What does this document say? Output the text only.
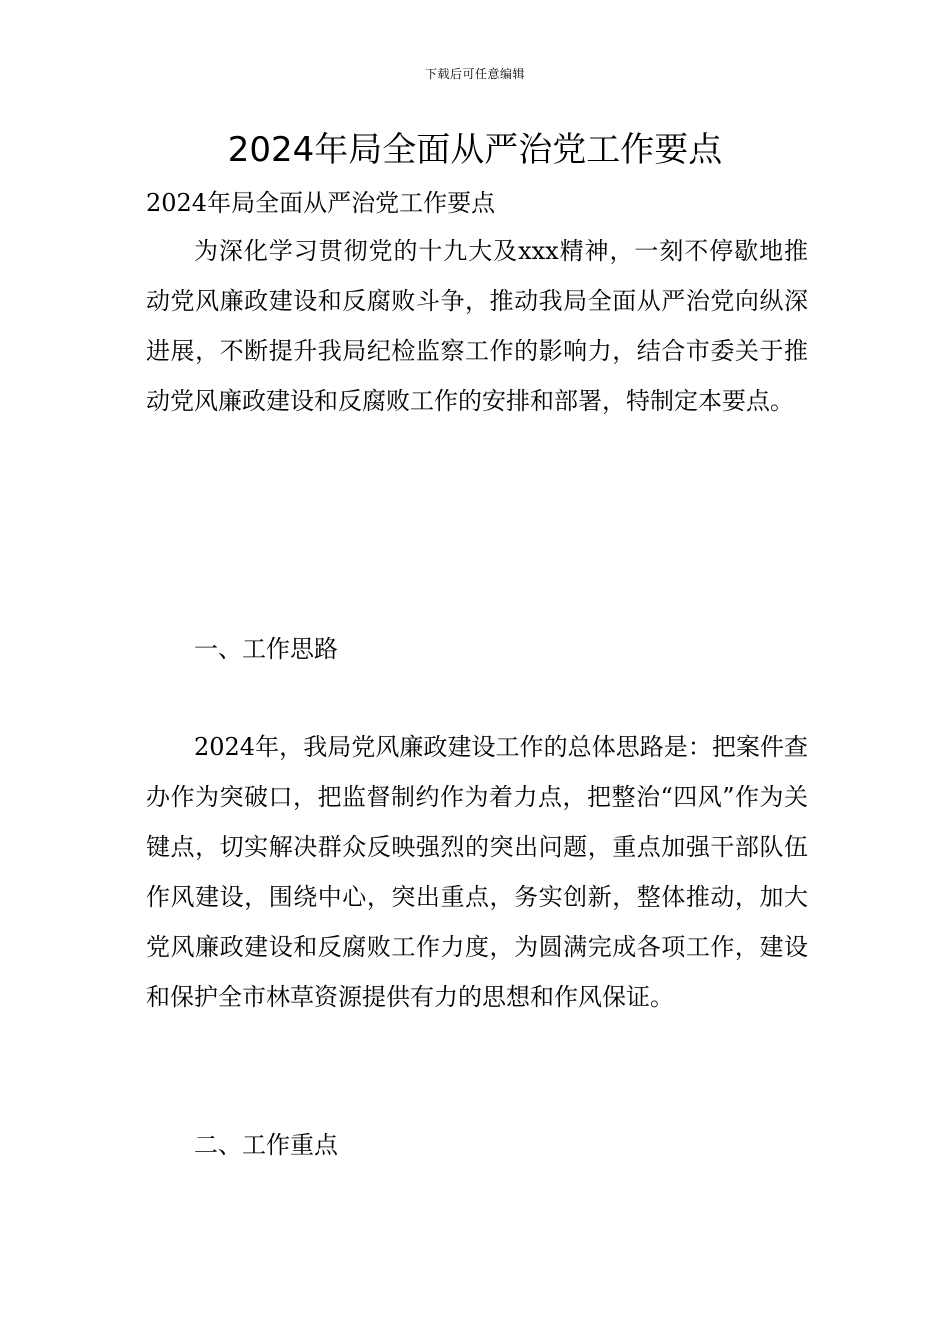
下载后可任意编辑
2024年局全面从严治党工作要点

2024年局全面从严治党工作要点

为深化学习贯彻党的十九大及xxx精神，一刻不停歇地推动党风廉政建设和反腐败斗争，推动我局全面从严治党向纵深进展，不断提升我局纪检监察工作的影响力，结合市委关于推动党风廉政建设和反腐败工作的安排和部署，特制定本要点。

一、工作思路

2024年，我局党风廉政建设工作的总体思路是：把案件查办作为突破口，把监督制约作为着力点，把整治“四风”作为关键点，切实解决群众反映强烈的突出问题，重点加强干部队伍作风建设，围绕中心，突出重点，务实创新，整体推动，加大党风廉政建设和反腐败工作力度，为圆满完成各项工作，建设和保护全市林草资源提供有力的思想和作风保证。

二、工作重点
